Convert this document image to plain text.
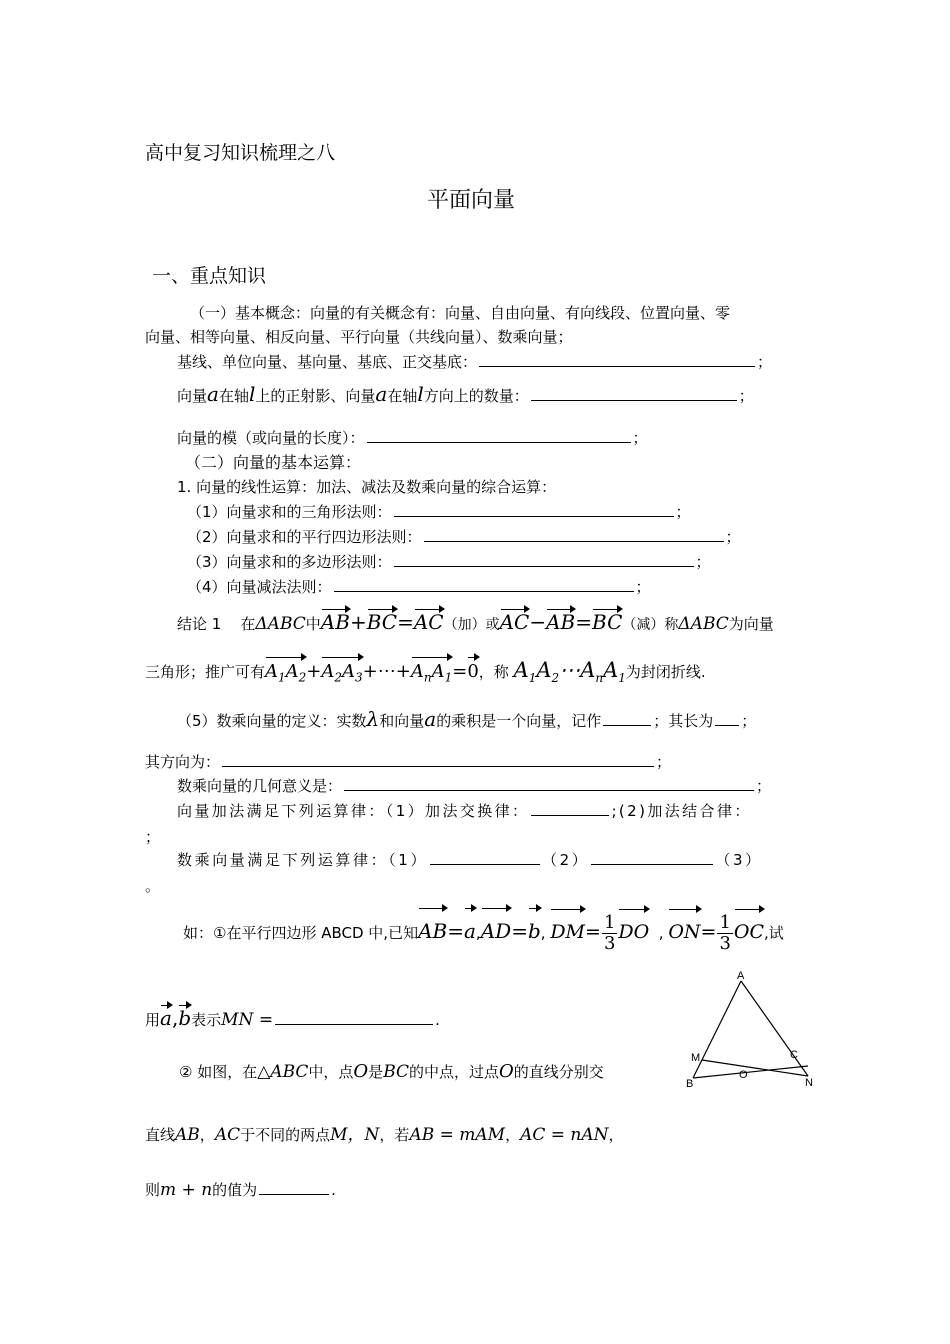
高中复习知识梳理之八
平面向量
一、重点知识
（一）基本概念：向量的有关概念有：向量、自由向量、有向线段、位置向量、零
向量、相等向量、相反向量、平行向量（共线向量）、数乘向量；
基线、单位向量、基向量、基底、正交基底：	；
向量a在轴l上的正射影、向量a在轴l方向上的数量：	；
向量的模（或向量的长度）：	；
（二）向量的基本运算：
1. 向量的线性运算：加法、减法及数乘向量的综合运算：
（1）向量求和的三角形法则：	；
（2）向量求和的平行四边形法则：	；
（3）向量求和的多边形法则：	；
（4）向量减法法则：	；
结论 1 在ΔABC中AB+BC=AC（加）或AC−AB=BC（减）称ΔABC为向量
三角形；推广可有$A_1A_2+A_2A_3+\cdots+A_nA_1=0$，称 $A_1A_2\cdots A_nA_1$为封闭折线.
（5）数乘向量的定义：实数λ和向量a的乘积是一个向量，记作	；其长为 ；
其方向为：	；
数乘向量的几何意义是：	；
向量加法满足下列运算律：（1）加法交换律：	;(2)加法结合律：
；
数乘向量满足下列运算律：（1）	（2）	（3）
。
如：①在平行四边形 ABCD 中,已知AB=a,AD=b, $DM= \frac{1}{3}$ DO , $ON= \frac{1}{3}$ OC,试
用a,b表示MN =	.
② 如图，在△ABC中，点O是BC的中点，过点O的直线分别交
直线AB，AC于不同的两点M，N，若AB = mAM，AC = nAN，
则m + n的值为	.
A
B
C
M
O
N
